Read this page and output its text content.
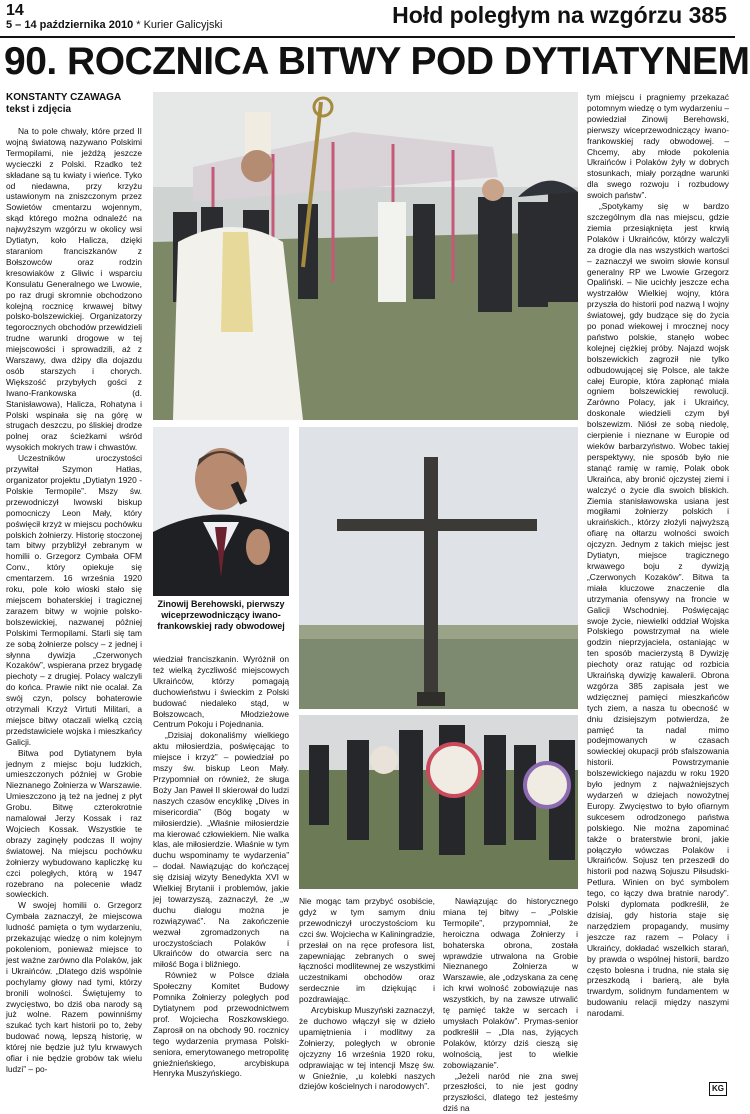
14
5 – 14 października 2010 * Kurier Galicyjski	Hołd poległym na wzgórzu 385
90. ROCZNICA BITWY POD DYTIATYNEM
KONSTANTY CZAWAGA
tekst i zdjęcia

Na to pole chwały, które przed II wojną światową nazywano Polskimi Termopilami, nie jeżdżą jeszcze wycieczki z Polski. Rzadko też składane są tu kwiaty i wieńce. Tyko od niedawna, przy krzyżu ustawionym na zniszczonym przez Sowietów cmentarzu wojennym, skąd którego można odnaleźć na najwyższym wzgórzu w okolicy wsi Dytiatyn, koło Halicza, dzięki staraniom franciszkanów z Bołszowców oraz rodzin kresowiaków z Gliwic i wsparciu Konsulatu Generalnego we Lwowie, po raz drugi skromnie obchodzono kolejną rocznicę krwawej bitwy polsko-bolszewickiej. Organizatorzy tegorocznych obchodów przewidzieli trudne warunki drogowe w tej miejscowości i sprowadzili, aż z Warszawy, dwa dżipy dla dojazdu osób starszych i chorych. Większość przybyłych gości z Iwano-Frankowska (d. Stanisławowa), Halicza, Rohatyna i Polski wspinała się na górę w strugach deszczu, po śliskiej drodze polnej oraz ścieżkami wśród wysokich mokrych traw i chwastów.

Uczestników uroczystości przywitał Szymon Hatłas, organizator projektu „Dytiatyn 1920 - Polskie Termopile”. Mszy św. przewodniczył lwowski biskup pomocniczy Leon Mały, który poświęcił krzyż w miejscu pochówku polskich żołnierzy. Historię stoczonej tam bitwy przybliżył zebranym w homilii o. Grzegorz Cymbała OFM Conv., który opiekuje się cmentarzem. 16 września 1920 roku, pole koło wioski stało się miejscem bohaterskiej i tragicznej zarazem bitwy w wojnie polsko-bolszewickiej, nazwanej później Polskimi Termopilami. Starli się tam ze sobą żołnierze polscy – z jednej i słynna dywizja „Czerwonych Kozaków”, wspierana przez brygadę piechoty – z drugiej. Polacy walczyli do końca. Prawie nikt nie ocalał. Za swój czyn, polscy bohaterowie otrzymali Krzyż Virtuti Militari, a miejsce bitwy otaczali wielką czcią przedstawiciele wojska i mieszkańcy Galicji.

Bitwa pod Dytiatynem była jednym z miejsc boju ludzkich, umieszczonych później w Grobie Nieznanego Żołnierza w Warszawie. Umieszczono ją też na jednej z płyt Grobu. Bitwę czterokrotnie namalował Jerzy Kossak i raz Wojciech Kossak. Wszystkie te obrazy zaginęły podczas II wojny światowej. Na miejscu pochówku żołnierzy wybudowano kapliczkę ku czci poległych, którą w 1947 rozebrano na polecenie władz sowieckich.

W swojej homilii o. Grzegorz Cymbała zaznaczył, że miejscowa ludność pamięta o tym wydarzeniu, przekazując wiedzę o nim kolejnym pokoleniom, ponieważ miejsce to jest ważne zarówno dla Polaków, jak i Ukraińców. „Dlatego dziś wspólnie pochylamy głowy nad tymi, którzy bronili wolności. Świętujemy to zwycięstwo, bo dziś oba narody są już wolne. Razem powinniśmy szukać tych kart historii po to, żeby budować nową, lepszą historię, w której nie będzie już tylu krwawych ofiar i nie będzie grobów tak wielu ludzi” – po-

Zinowij Berehowski, pierwszy wiceprzewodniczący iwano-frankowskiej rady obwodowej

wiedział franciszkanin. Wyróżnił on też wielką życzliwość miejscowych Ukraińców, którzy pomagają duchowieństwu i świeckim z Polski budować niedaleko stąd, w Bołszowcach, Młodzieżowe Centrum Pokoju i Pojednania.

„Dzisiaj dokonaliśmy wielkiego aktu miłosierdzia, poświęcając to miejsce i krzyż” – powiedział po mszy św. biskup Leon Mały. Przypomniał on również, że sługa Boży Jan Paweł II skierował do ludzi naszych czasów encyklikę „Dives in misericordia” (Bóg bogaty w miłosierdzie). „Właśnie miłosierdzie ma kierować człowiekiem. Nie walka klas, ale miłosierdzie. Właśnie w tym duchu wspominamy te wydarzenia” – dodał. Nawiązując do kończącej się dzisiaj wizyty Benedykta XVI w Wielkiej Brytanii i problemów, jakie jej towarzyszą, zaznaczył, że „w duchu dialogu można je rozwiązywać”. Na zakończenie wezwał zgromadzonych na uroczystościach Polaków i Ukraińców do otwarcia serc na miłość Boga i bliźniego.

Również w Polsce działa Społeczny Komitet Budowy Pomnika Żołnierzy poległych pod Dytiatynem pod przewodnictwem prof. Wojciecha Roszkowskiego. Zaprosił on na obchody 90. rocznicy tego wydarzenia prymasa Polski-seniora, emerytowanego metropolitę gnieźnieńskiego, arcybiskupa Henryka Muszyńskiego.

Nie mogąc tam przybyć osobiście, gdyż w tym samym dniu przewodniczył uroczystościom ku czci św. Wojciecha w Kaliningradzie, przesłał on na ręce profesora list, zapewniając zebranych o swej łączności modlitewnej ze wszystkimi uczestnikami obchodów oraz serdecznie im dziękując i pozdrawiając.

Arcybiskup Muszyński zaznaczył, że duchowo włączył się w dzieło upamiętnienia i modlitwy za Żołnierzy, poległych w obronie ojczyzny 16 września 1920 roku, odprawiając w tej intencji Mszę św. w Gnieźnie, „u kolebki naszych dziejów kościelnych i narodowych”.

Nawiązując do historycznego miana tej bitwy – „Polskie Termopile”, przypomniał, że heroiczna odwaga Żołnierzy i bohaterska obrona, została wprawdzie utrwalona na Grobie Nieznanego Żołnierza w Warszawie, ale „odzyskana za cenę ich krwi wolność zobowiązuje nas wszystkich, by na zawsze utrwalić tę pamięć także w sercach i umysłach Polaków”. Prymas-senior podkreślił – „Dla nas, żyjących Polaków, którzy dziś cieszą się wolnością, jest to wielkie zobowiązanie”.

„Jeżeli naród nie zna swej przeszłości, to nie jest godny przyszłości, dlatego też jesteśmy dziś na

tym miejscu i pragniemy przekazać potomnym wiedzę o tym wydarzeniu – powiedział Zinowij Berehowski, pierwszy wiceprzewodniczący iwano-frankowskiej rady obwodowej. – Chcemy, aby młode pokolenia Ukraińców i Polaków żyły w dobrych stosunkach, miały porządne warunki dla swego rozwoju i rozbudowy swoich państw”.

„Spotykamy się w bardzo szczególnym dla nas miejscu, gdzie ziemia przesiąknięta jest krwią Polaków i Ukraińców, którzy walczyli za drogie dla nas wszystkich wartości – zaznaczył we swoim słowie konsul generalny RP we Lwowie Grzegorz Opaliński. – Nie ucichły jeszcze echa wystrzałów Wielkiej wojny, która przyszła do historii pod nazwą I wojny światowej, gdy budzące się do życia po ponad wiekowej i mrocznej nocy państwo polskie, stanęło wobec kolejnej ciężkiej próby. Najazd wojsk bolszewickich zagroził nie tylko odbudowującej się Polsce, ale także całej Europie, która zapłonąć miała ogniem bolszewickiej rewolucji. Zarówno Polacy, jak i Ukraińcy, doskonale wiedzieli czym był bolszewizm. Niósł ze sobą niedolę, cierpienie i nieznane w Europie od wieków barbarzyństwo. Wobec takiej perspektywy, nie sposób było nie stanąć ramię w ramię, Polak obok Ukraińca, aby bronić ojczystej ziemi i walczyć o życie dla swoich bliskich. Ziemia stanisławowska usiana jest mogiłami żołnierzy polskich i ukraińskich., którzy złożyli najwyższą ofiarę na ołtarzu wolności swoich ojczyzn. Jednym z takich miejsc jest Dytiatyn, miejsce tragicznego krwawego boju z dywizją „Czerwonych Kozaków”. Bitwa ta miała kluczowe znaczenie dla utrzymania ofensywy na froncie w Galicji Wschodniej. Poświęcając swoje życie, niewielki oddział Wojska Polskiego powstrzymał na wiele godzin nieprzyjaciela, ostaniając w ten sposób macierzystą 8 Dywizję piechoty oraz ratując od rozbicia Ukraińską dywizję kawalerii. Obrona wzgórza 385 zapisała jest we wdzięcznej pamięci mieszkańców tych ziem, a nasza tu obecność w dniu dzisiejszym potwierdza, że pamięć ta nadal mimo podejmowanych w czasach sowieckiej okupacji prób sfalszowania historii. Powstrzymanie bolszewickiego najazdu w roku 1920 było jednym z najważniejszych wydarzeń w dziejach nowożytnej Europy. Zwycięstwo to było ofiarnym sukcesem odrodzonego państwa polskiego. Nie można zapominać także o braterstwie broni, jakie połączyło wówczas Polaków i Ukraińców. Sojusz ten przeszedł do historii pod nazwą Sojuszu Piłsudski-Petlura. Winien on być symbolem tego, co łączy dwa bratnie narody”. Polski dyplomata podkreślił, że dzisiaj, gdy historia staje się narzędziem propagandy, musimy jeszcze raz razem – Polacy i Ukraińcy, dokładać wszelkich starań, by prawda o wspólnej historii, bardzo często bolesna i trudna, nie stała się przeszkodą i barierą, ale była trwardym, solidnym fundamentem w budowaniu relacji między naszymi narodami.

KG
